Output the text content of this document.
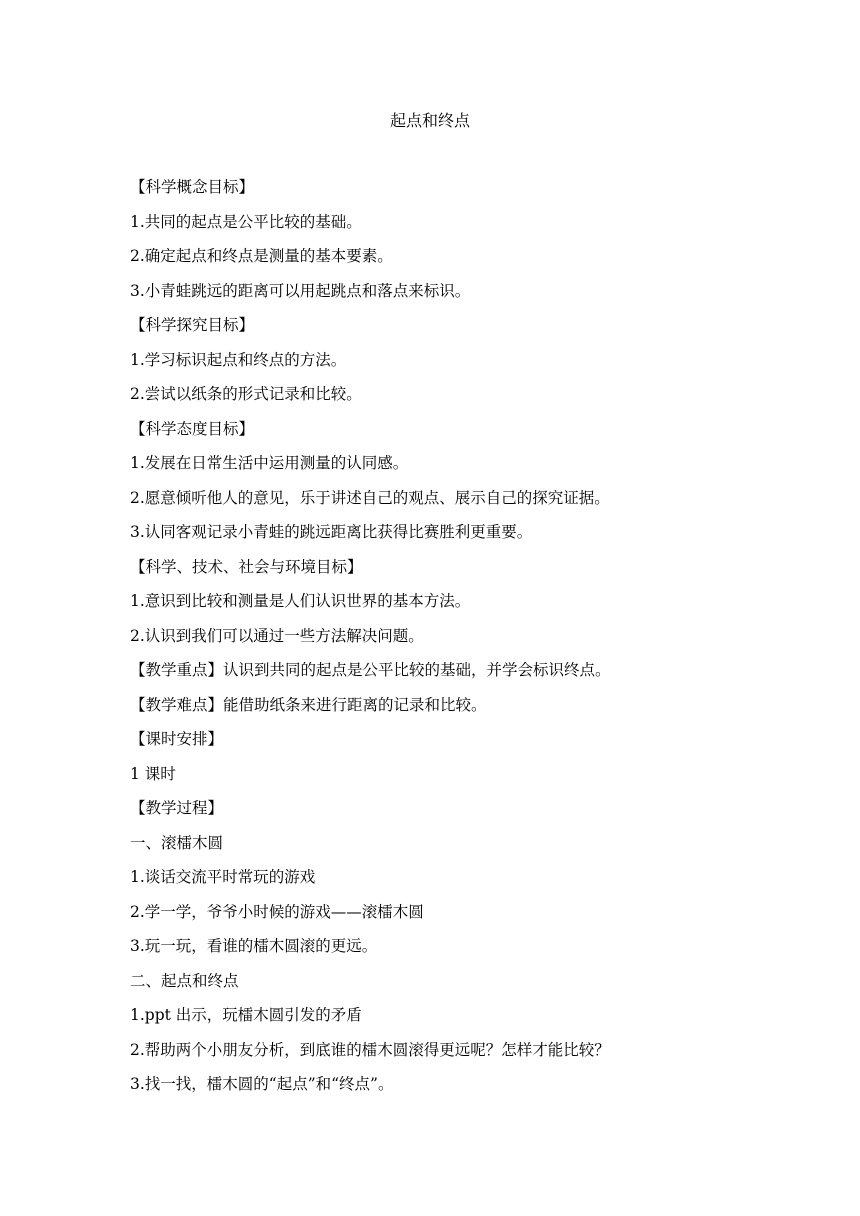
起点和终点
【科学概念目标】
1.共同的起点是公平比较的基础。
2.确定起点和终点是测量的基本要素。
3.小青蛙跳远的距离可以用起跳点和落点来标识。
【科学探究目标】
1.学习标识起点和终点的方法。
2.尝试以纸条的形式记录和比较。
【科学态度目标】
1.发展在日常生活中运用测量的认同感。
2.愿意倾听他人的意见，乐于讲述自己的观点、展示自己的探究证据。
3.认同客观记录小青蛙的跳远距离比获得比赛胜利更重要。
【科学、技术、社会与环境目标】
1.意识到比较和测量是人们认识世界的基本方法。
2.认识到我们可以通过一些方法解决问题。
【教学重点】认识到共同的起点是公平比较的基础，并学会标识终点。
【教学难点】能借助纸条来进行距离的记录和比较。
【课时安排】
1 课时
【教学过程】
一、滚檑木圆
1.谈话交流平时常玩的游戏
2.学一学，爷爷小时候的游戏——滚檑木圆
3.玩一玩，看谁的檑木圆滚的更远。
二、起点和终点
1.ppt 出示，玩檑木圆引发的矛盾
2.帮助两个小朋友分析，到底谁的檑木圆滚得更远呢？怎样才能比较？
3.找一找，檑木圆的“起点”和“终点”。
